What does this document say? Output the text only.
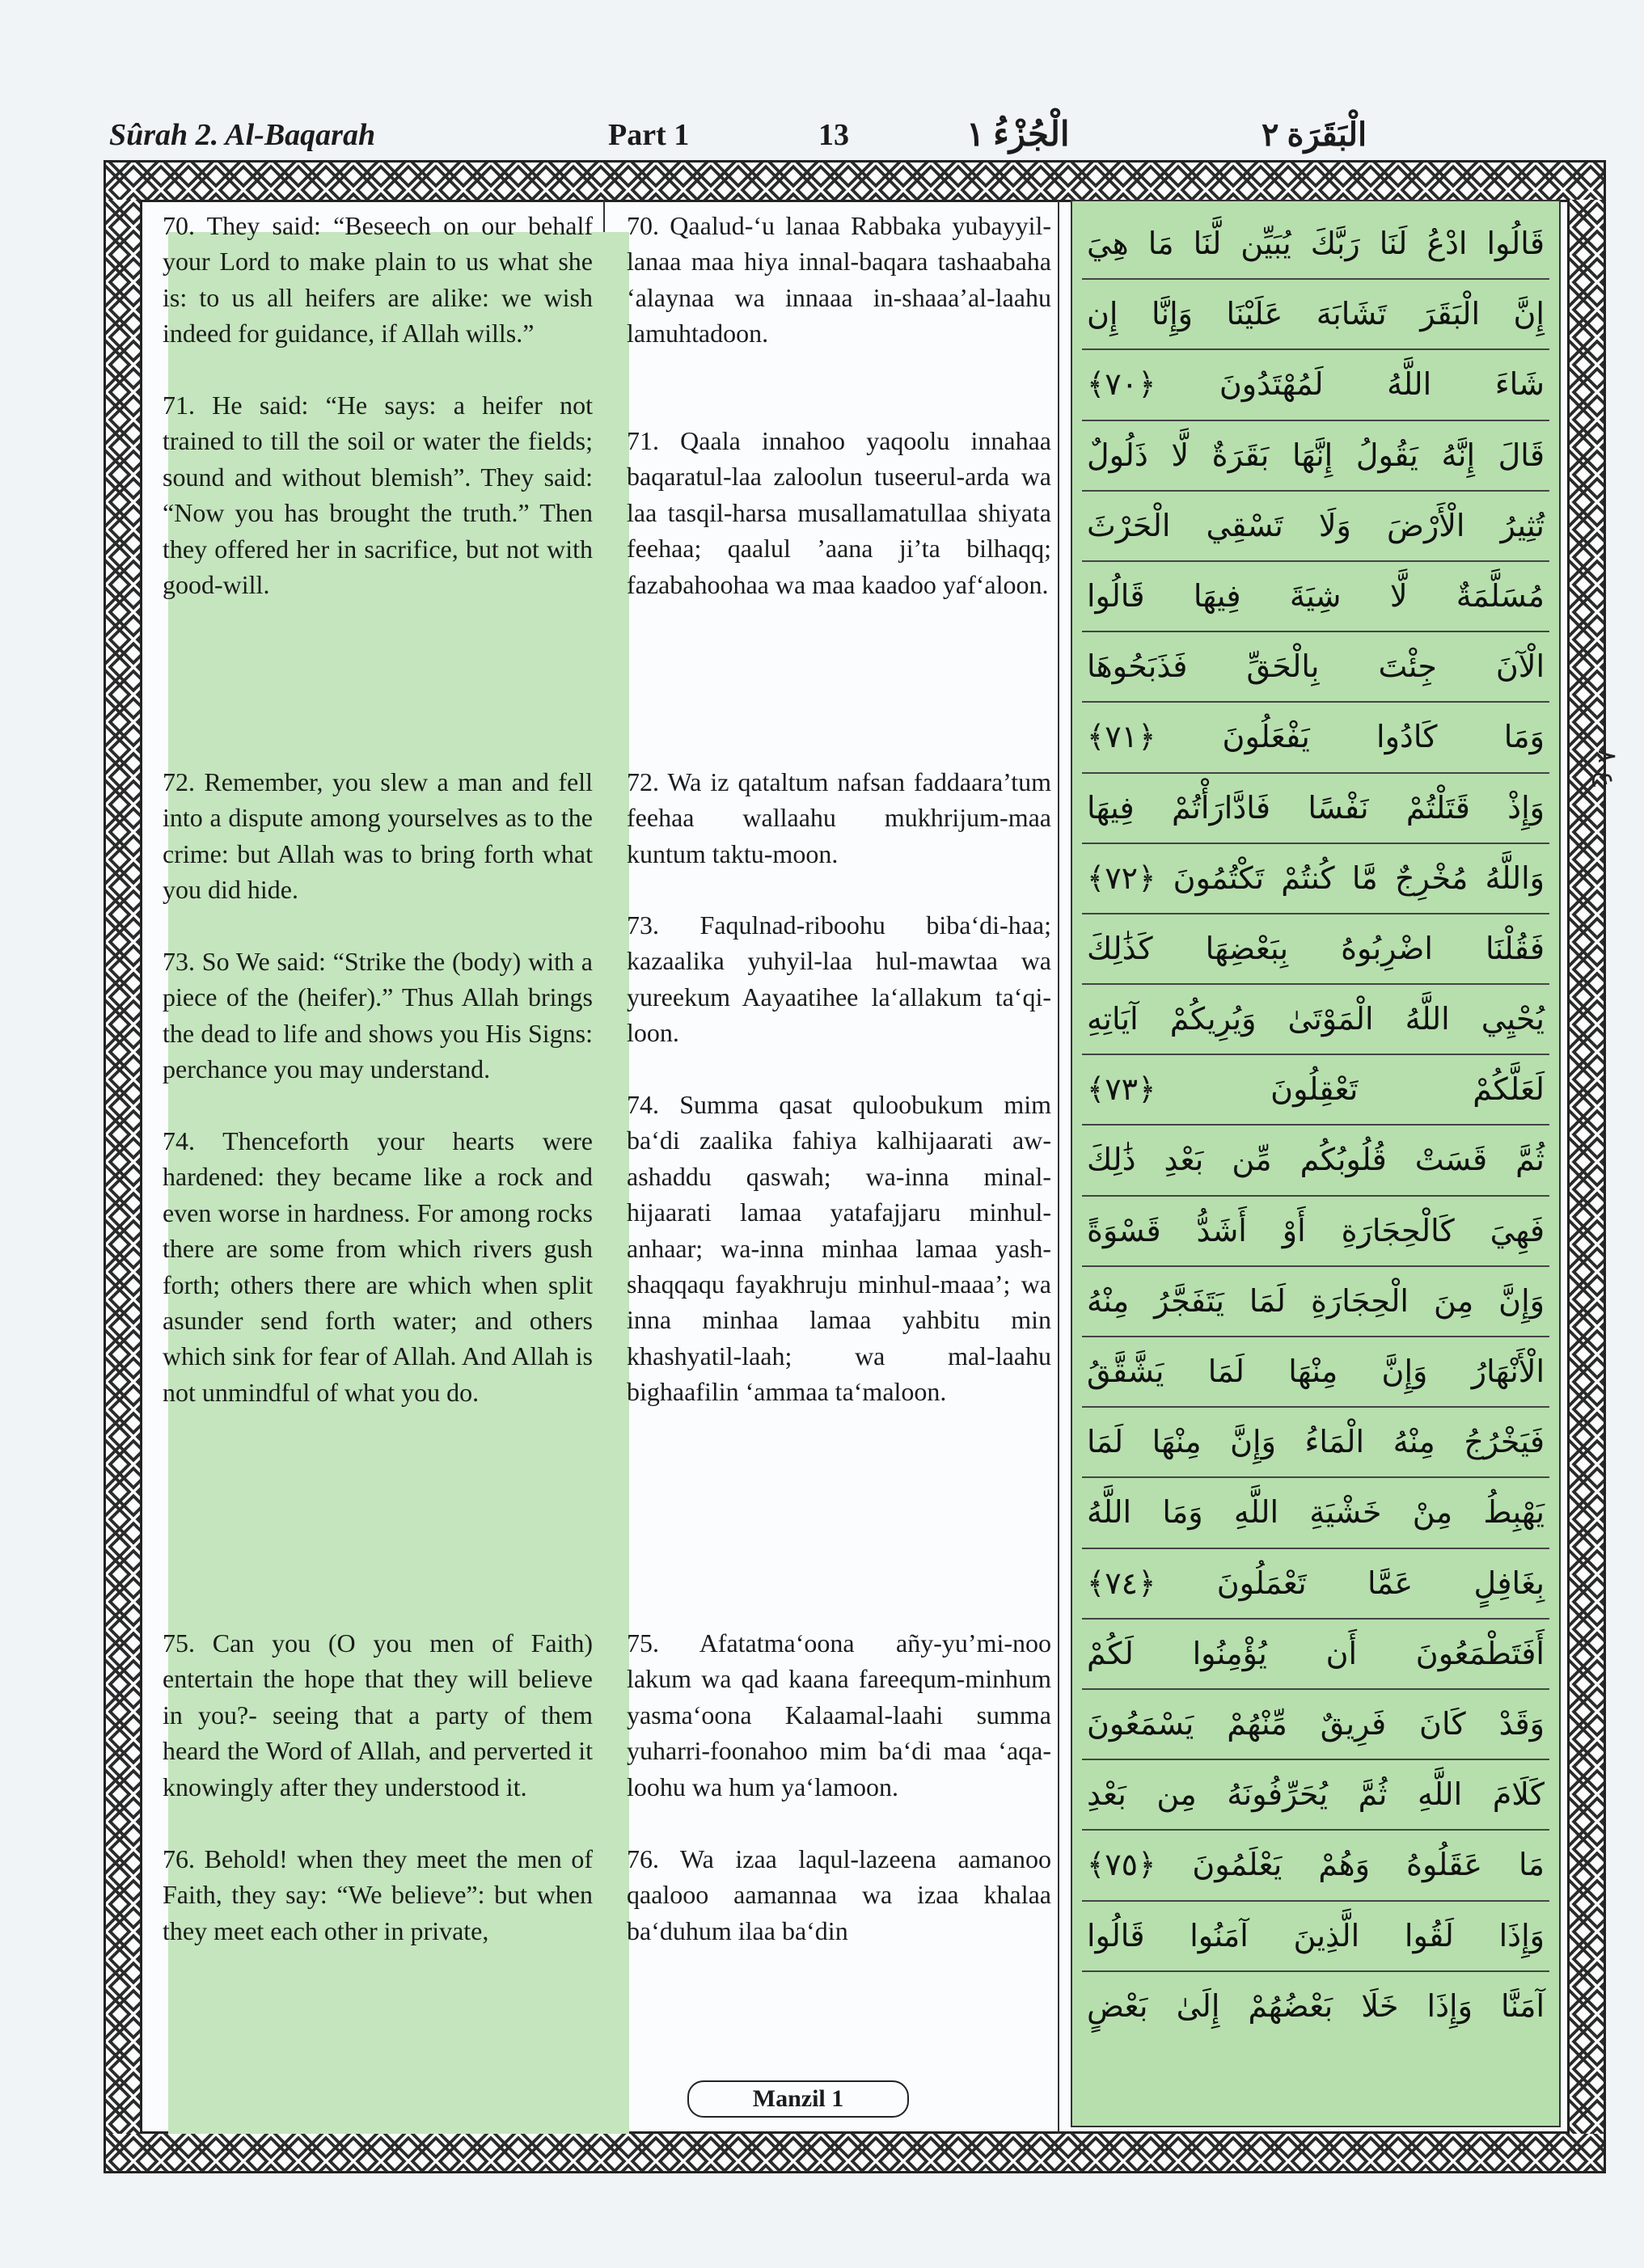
Sûrah 2. Al-Baqarah	Part 1	13	الْجُزْءُ ١	الْبَقَرَة ٢
Manzil 1
ع ٨

70. They said: “Beseech on our behalf your Lord to make plain to us what she is: to us all heifers are alike: we wish indeed for guidance, if Allah wills.”

71. He said: “He says: a heifer not trained to till the soil or water the fields; sound and without blemish”. They said: “Now you has brought the truth.” Then they offered her in sacrifice, but not with good-will.

72. Remember, you slew a man and fell into a dispute among yourselves as to the crime: but Allah was to bring forth what you did hide.

73. So We said: “Strike the (body) with a piece of the (heifer).” Thus Allah brings the dead to life and shows you His Signs: perchance you may understand.

74. Thenceforth your hearts were hardened: they became like a rock and even worse in hardness. For among rocks there are some from which rivers gush forth; others there are which when split asunder send forth water; and others which sink for fear of Allah. And Allah is not unmindful of what you do.

75. Can you (O you men of Faith) entertain the hope that they will believe in you?- seeing that a party of them heard the Word of Allah, and perverted it knowingly after they understood it.

76. Behold! when they meet the men of Faith, they say: “We believe”: but when they meet each other in private,

70. Qaalud-‘u lanaa Rabbaka yubayyil-lanaa maa hiya innal-baqara tashaabaha ‘alaynaa wa innaaa in-shaaa’al-laahu lamuhtadoon.

71. Qaala innahoo yaqoolu innahaa baqaratul-laa zaloolun tuseerul-arda wa laa tasqil-harsa musallamatullaa shiyata feehaa; qaalul ’aana ji’ta bilhaqq; fazabahoohaa wa maa kaadoo yaf‘aloon.

72. Wa iz qataltum nafsan faddaara’tum feehaa wallaahu mukhrijum-maa kuntum taktu-moon.

73. Faqulnad-riboohu biba‘di-haa; kazaalika yuhyil-laa hul-mawtaa wa yureekum Aayaatihee la‘allakum ta‘qi-loon.

74. Summa qasat quloobukum mim ba‘di zaalika fahiya kalhijaarati aw-ashaddu qaswah; wa-inna minal-hijaarati lamaa yatafajjaru minhul-anhaar; wa-inna minhaa lamaa yash-shaqqaqu fayakhruju minhul-maaa’; wa inna minhaa lamaa yahbitu min khashyatil-laah; wa mal-laahu bighaafilin ‘ammaa ta‘maloon.

75. Afatatma‘oona añy-yu’mi-noo lakum wa qad kaana fareequm-minhum yasma‘oona Kalaamal-laahi summa yuharri-foonahoo mim ba‘di maa ‘aqa-loohu wa hum ya‘lamoon.

76. Wa izaa laqul-lazeena aamanoo qaalooo aamannaa wa izaa khalaa ba‘duhum ilaa ba‘din

قَالُوا ادْعُ لَنَا رَبَّكَ يُبَيِّن لَّنَا مَا هِيَ
إِنَّ الْبَقَرَ تَشَابَهَ عَلَيْنَا وَإِنَّا إِن
شَاءَ اللَّهُ لَمُهْتَدُونَ ﴿٧٠﴾
قَالَ إِنَّهُ يَقُولُ إِنَّهَا بَقَرَةٌ لَّا ذَلُولٌ
تُثِيرُ الْأَرْضَ وَلَا تَسْقِي الْحَرْثَ
مُسَلَّمَةٌ لَّا شِيَةَ فِيهَا قَالُوا
الْآنَ جِئْتَ بِالْحَقِّ فَذَبَحُوهَا
وَمَا كَادُوا يَفْعَلُونَ ﴿٧١﴾
وَإِذْ قَتَلْتُمْ نَفْسًا فَادَّارَأْتُمْ فِيهَا
وَاللَّهُ مُخْرِجٌ مَّا كُنتُمْ تَكْتُمُونَ ﴿٧٢﴾
فَقُلْنَا اضْرِبُوهُ بِبَعْضِهَا كَذَٰلِكَ
يُحْيِي اللَّهُ الْمَوْتَىٰ وَيُرِيكُمْ آيَاتِهِ
لَعَلَّكُمْ تَعْقِلُونَ ﴿٧٣﴾
ثُمَّ قَسَتْ قُلُوبُكُم مِّن بَعْدِ ذَٰلِكَ
فَهِيَ كَالْحِجَارَةِ أَوْ أَشَدُّ قَسْوَةً
وَإِنَّ مِنَ الْحِجَارَةِ لَمَا يَتَفَجَّرُ مِنْهُ
الْأَنْهَارُ وَإِنَّ مِنْهَا لَمَا يَشَّقَّقُ
فَيَخْرُجُ مِنْهُ الْمَاءُ وَإِنَّ مِنْهَا لَمَا
يَهْبِطُ مِنْ خَشْيَةِ اللَّهِ وَمَا اللَّهُ
بِغَافِلٍ عَمَّا تَعْمَلُونَ ﴿٧٤﴾
أَفَتَطْمَعُونَ أَن يُؤْمِنُوا لَكُمْ
وَقَدْ كَانَ فَرِيقٌ مِّنْهُمْ يَسْمَعُونَ
كَلَامَ اللَّهِ ثُمَّ يُحَرِّفُونَهُ مِن بَعْدِ
مَا عَقَلُوهُ وَهُمْ يَعْلَمُونَ ﴿٧٥﴾
وَإِذَا لَقُوا الَّذِينَ آمَنُوا قَالُوا
آمَنَّا وَإِذَا خَلَا بَعْضُهُمْ إِلَىٰ بَعْضٍ
